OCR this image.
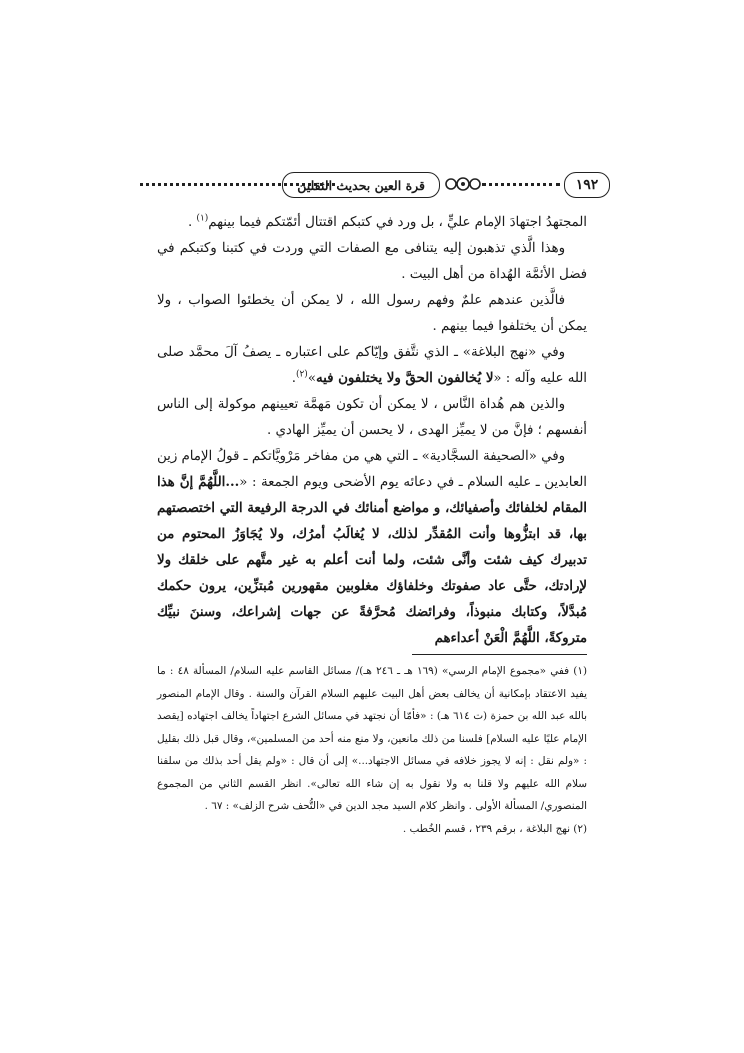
١٩٢
قرة العين بحديث الثقلين

المجتهدُ اجتهادَ الإمام عليٍّ ، بل ورد في كتبكم اقتتال أئمّتكم فيما بينهم$^{(١)}$ .

وهذا الَّذي تذهبون إليه يتنافى مع الصفات التي وردت في كتبنا وكتبكم في فضل الأئمَّة الهُداة من أهل البيت .

فالَّذين عندهم علمٌ وفهم رسول الله ، لا يمكن أن يخطئوا الصواب ، ولا يمكن أن يختلفوا فيما بينهم .

وفي «نهج البلاغة» ـ الذي نتَّفق وإيّاكم على اعتباره ـ يصفُ آلَ محمَّد صلى الله عليه وآله : «لا يُخالفون الحقَّ ولا يختلفون فيه»$^{(٢)}$.

والذين هم هُداة النَّاس ، لا يمكن أن تكون مَهمَّة تعيينهم موكولة إلى الناس أنفسهم ؛ فإنَّ من لا يميِّز الهدى ، لا يحسن أن يميِّز الهادي .

وفي «الصحيفة السجَّادية» ـ التي هي من مفاخر مَرْويَّاتكم ـ قولُ الإمام زين العابدين ـ عليه السلام ـ في دعائه يوم الأضحى ويوم الجمعة : «...اللَّهُمَّ إنَّ هذا المقام لخلفائك وأصفيائك، و مواضع أمنائك في الدرجة الرفيعة التي اختصصتهم بها، قد ابتزُّوها وأنت المُقدِّر لذلك، لا يُغالَبُ أمرُك، ولا يُجَاوَزُ المحتوم من تدبيرك كيف شئت وأنَّى شئت، ولما أنت أعلم به غير متَّهم على خلقك ولا لإرادتك، حتَّى عاد صفوتك وخلفاؤك مغلوبين مقهورين مُبتزِّين، يرون حكمك مُبدَّلاً، وكتابك منبوذاً، وفرائضك مُحرَّفةً عن جهات إشراعك، وسننَ نبيِّك متروكةً، اللَّهُمَّ الْعَنْ أعداءهم

(١) ففي «مجموع الإمام الرسي» (١٦٩ هـ ـ ٢٤٦ هـ)/ مسائل القاسم عليه السلام/ المسألة ٤٨ : ما يفيد الاعتقاد بإمكانية أن يخالف بعض أهل البيت عليهم السلام القرآن والسنة . وقال الإمام المنصور بالله عبد الله بن حمزة (ت ٦١٤ هـ) : «فأمّا أن نجتهد في مسائل الشرع اجتهاداً يخالف اجتهاده [يقصد الإمام عليًا عليه السلام] فلسنا من ذلك مانعين، ولا منع منه أحد من المسلمين»، وقال قبل ذلك بقليل : «ولم نقل : إنه لا يجوز خلافه في مسائل الاجتهاد...» إلى أن قال : «ولم يقل أحد بذلك من سلفنا سلام الله عليهم ولا قلنا به ولا نقول به إن شاء الله تعالى». انظر القسم الثاني من المجموع المنصوري/ المسألة الأولى . وانظر كلام السيد مجد الدين في «التُّحف شرح الزلف» : ٦٧ .

(٢) نهج البلاغة ، برقم ٢٣٩ ، قسم الخُطب .
